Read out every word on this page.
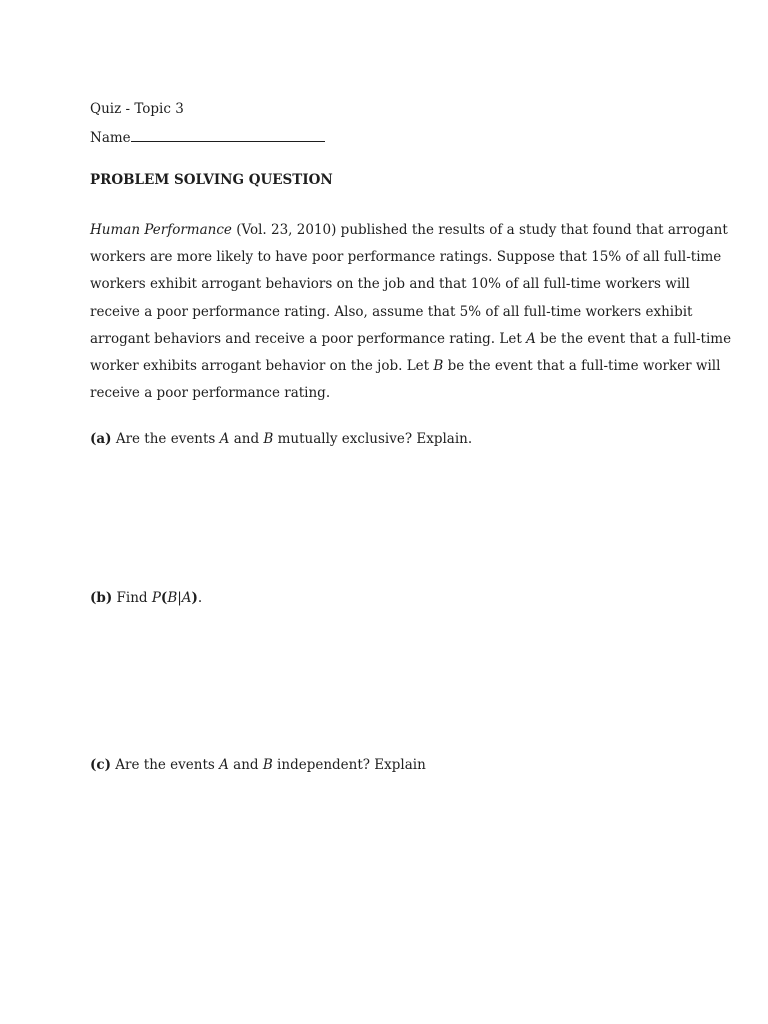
Quiz - Topic 3
Name
PROBLEM SOLVING QUESTION
Human Performance (Vol. 23, 2010) published the results of a study that found that arrogant
workers are more likely to have poor performance ratings. Suppose that 15% of all full-time
workers exhibit arrogant behaviors on the job and that 10% of all full-time workers will
receive a poor performance rating. Also, assume that 5% of all full-time workers exhibit
arrogant behaviors and receive a poor performance rating. Let A be the event that a full-time
worker exhibits arrogant behavior on the job. Let B be the event that a full-time worker will
receive a poor performance rating.
(a) Are the events A and B mutually exclusive? Explain.
(b) Find P(B|A).
(c) Are the events A and B independent? Explain
